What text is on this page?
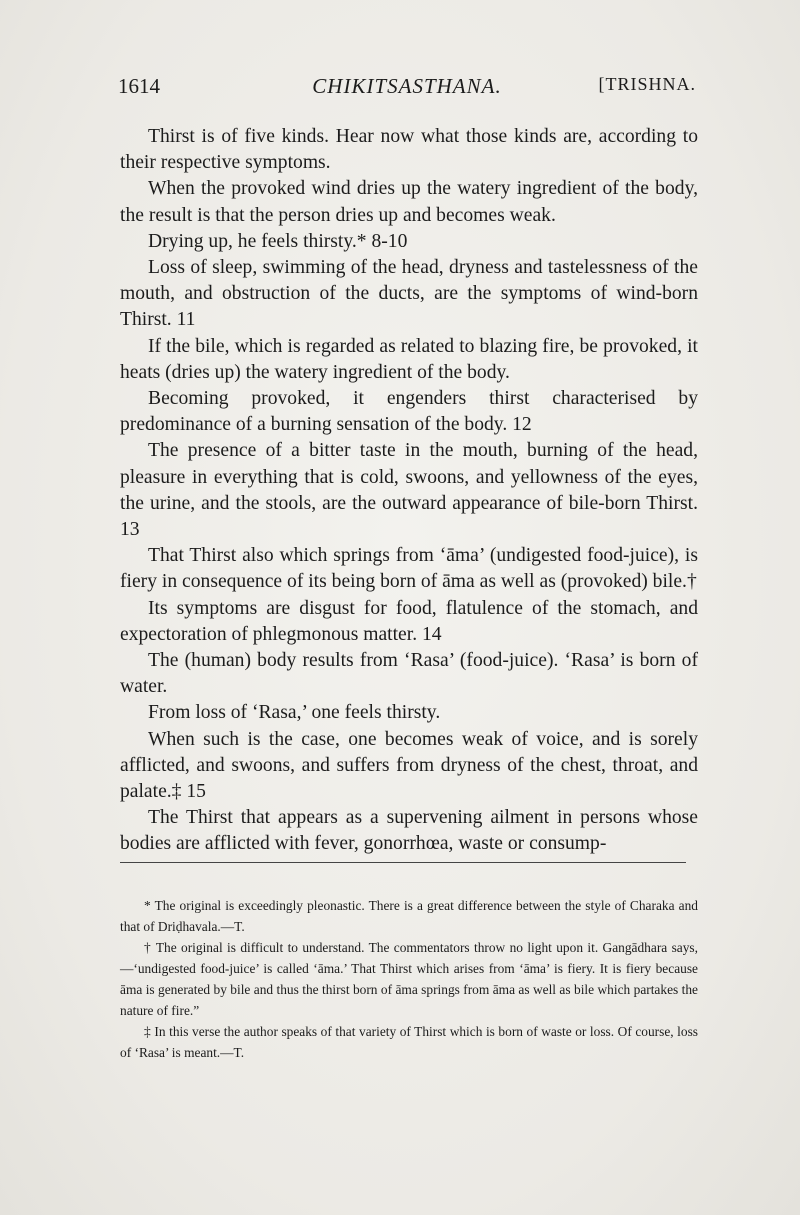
1614	CHIKITSASTHANA.	[TRISHNA.

Thirst is of five kinds. Hear now what those kinds are, according to their respective symptoms.

When the provoked wind dries up the watery ingredient of the body, the result is that the person dries up and becomes weak.

Drying up, he feels thirsty.* 8-10

Loss of sleep, swimming of the head, dryness and tastelessness of the mouth, and obstruction of the ducts, are the symptoms of wind-born Thirst. 11

If the bile, which is regarded as related to blazing fire, be provoked, it heats (dries up) the watery ingredient of the body.

Becoming provoked, it engenders thirst characterised by predominance of a burning sensation of the body. 12

The presence of a bitter taste in the mouth, burning of the head, pleasure in everything that is cold, swoons, and yellowness of the eyes, the urine, and the stools, are the outward appearance of bile-born Thirst. 13

That Thirst also which springs from ‘āma’ (undigested food-juice), is fiery in consequence of its being born of āma as well as (provoked) bile.†

Its symptoms are disgust for food, flatulence of the stomach, and expectoration of phlegmonous matter. 14

The (human) body results from ‘Rasa’ (food-juice). ‘Rasa’ is born of water.

From loss of ‘Rasa,’ one feels thirsty.

When such is the case, one becomes weak of voice, and is sorely afflicted, and swoons, and suffers from dryness of the chest, throat, and palate.‡ 15

The Thirst that appears as a supervening ailment in persons whose bodies are afflicted with fever, gonorrhœa, waste or consump-

* The original is exceedingly pleonastic. There is a great difference between the style of Charaka and that of Driḍhavala.—T.

† The original is difficult to understand. The commentators throw no light upon it. Gangādhara says,—‘undigested food-juice’ is called ‘āma.’ That Thirst which arises from ‘āma’ is fiery. It is fiery because āma is generated by bile and thus the thirst born of āma springs from āma as well as bile which partakes the nature of fire.”

‡ In this verse the author speaks of that variety of Thirst which is born of waste or loss. Of course, loss of ‘Rasa’ is meant.—T.
